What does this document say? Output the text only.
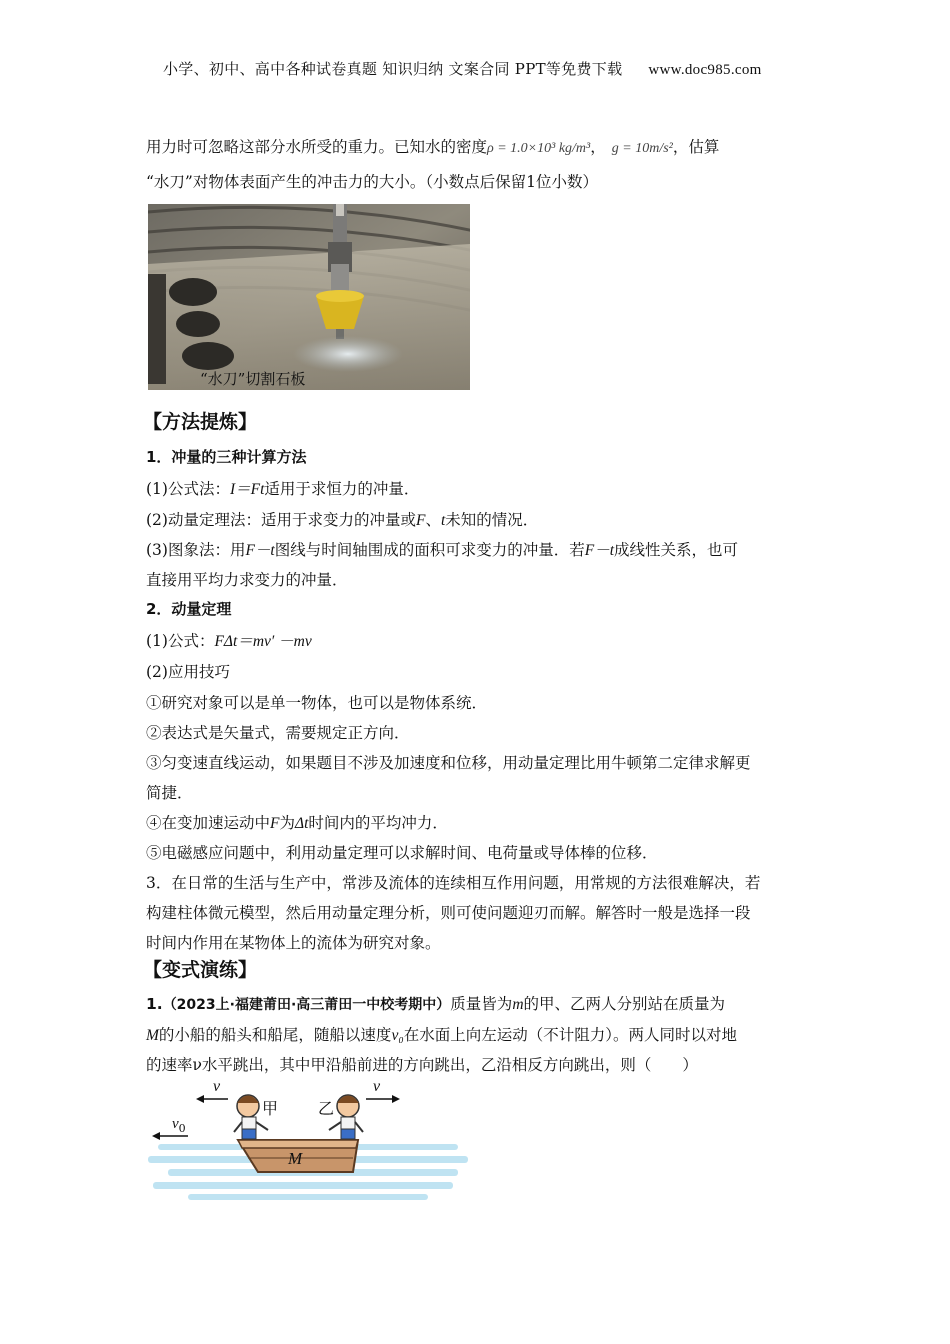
小学、初中、高中各种试卷真题 知识归纳 文案合同 PPT等免费下载 www.doc985.com
用力时可忽略这部分水所受的重力。已知水的密度ρ = 1.0×10³ kg/m³， g = 10m/s²，估算
“水刀”对物体表面产生的冲击力的大小。（小数点后保留1位小数）
“水刀”切割石板
【方法提炼】
1．冲量的三种计算方法
(1)公式法：I＝Ft适用于求恒力的冲量．
(2)动量定理法：适用于求变力的冲量或F、t未知的情况．
(3)图象法：用F－t图线与时间轴围成的面积可求变力的冲量．若F－t成线性关系，也可
直接用平均力求变力的冲量．
2．动量定理
(1)公式：FΔt＝mv′ －mv
(2)应用技巧
①研究对象可以是单一物体，也可以是物体系统．
②表达式是矢量式，需要规定正方向．
③匀变速直线运动，如果题目不涉及加速度和位移，用动量定理比用牛顿第二定律求解更
简捷．
④在变加速运动中F为Δt时间内的平均冲力．
⑤电磁感应问题中，利用动量定理可以求解时间、电荷量或导体棒的位移．
3．在日常的生活与生产中，常涉及流体的连续相互作用问题，用常规的方法很难解决，若
构建柱体微元模型，然后用动量定理分析，则可使问题迎刃而解。解答时一般是选择一段
时间内作用在某物体上的流体为研究对象。
【变式演练】
1.（2023上·福建莆田·高三莆田一中校考期中）质量皆为m的甲、乙两人分别站在质量为
M的小船的船头和船尾，随船以速度v₀在水面上向左运动（不计阻力）。两人同时以对地
的速率ν水平跳出，其中甲沿船前进的方向跳出，乙沿相反方向跳出，则（　　）
v
甲 乙
v
$v_0$
M
